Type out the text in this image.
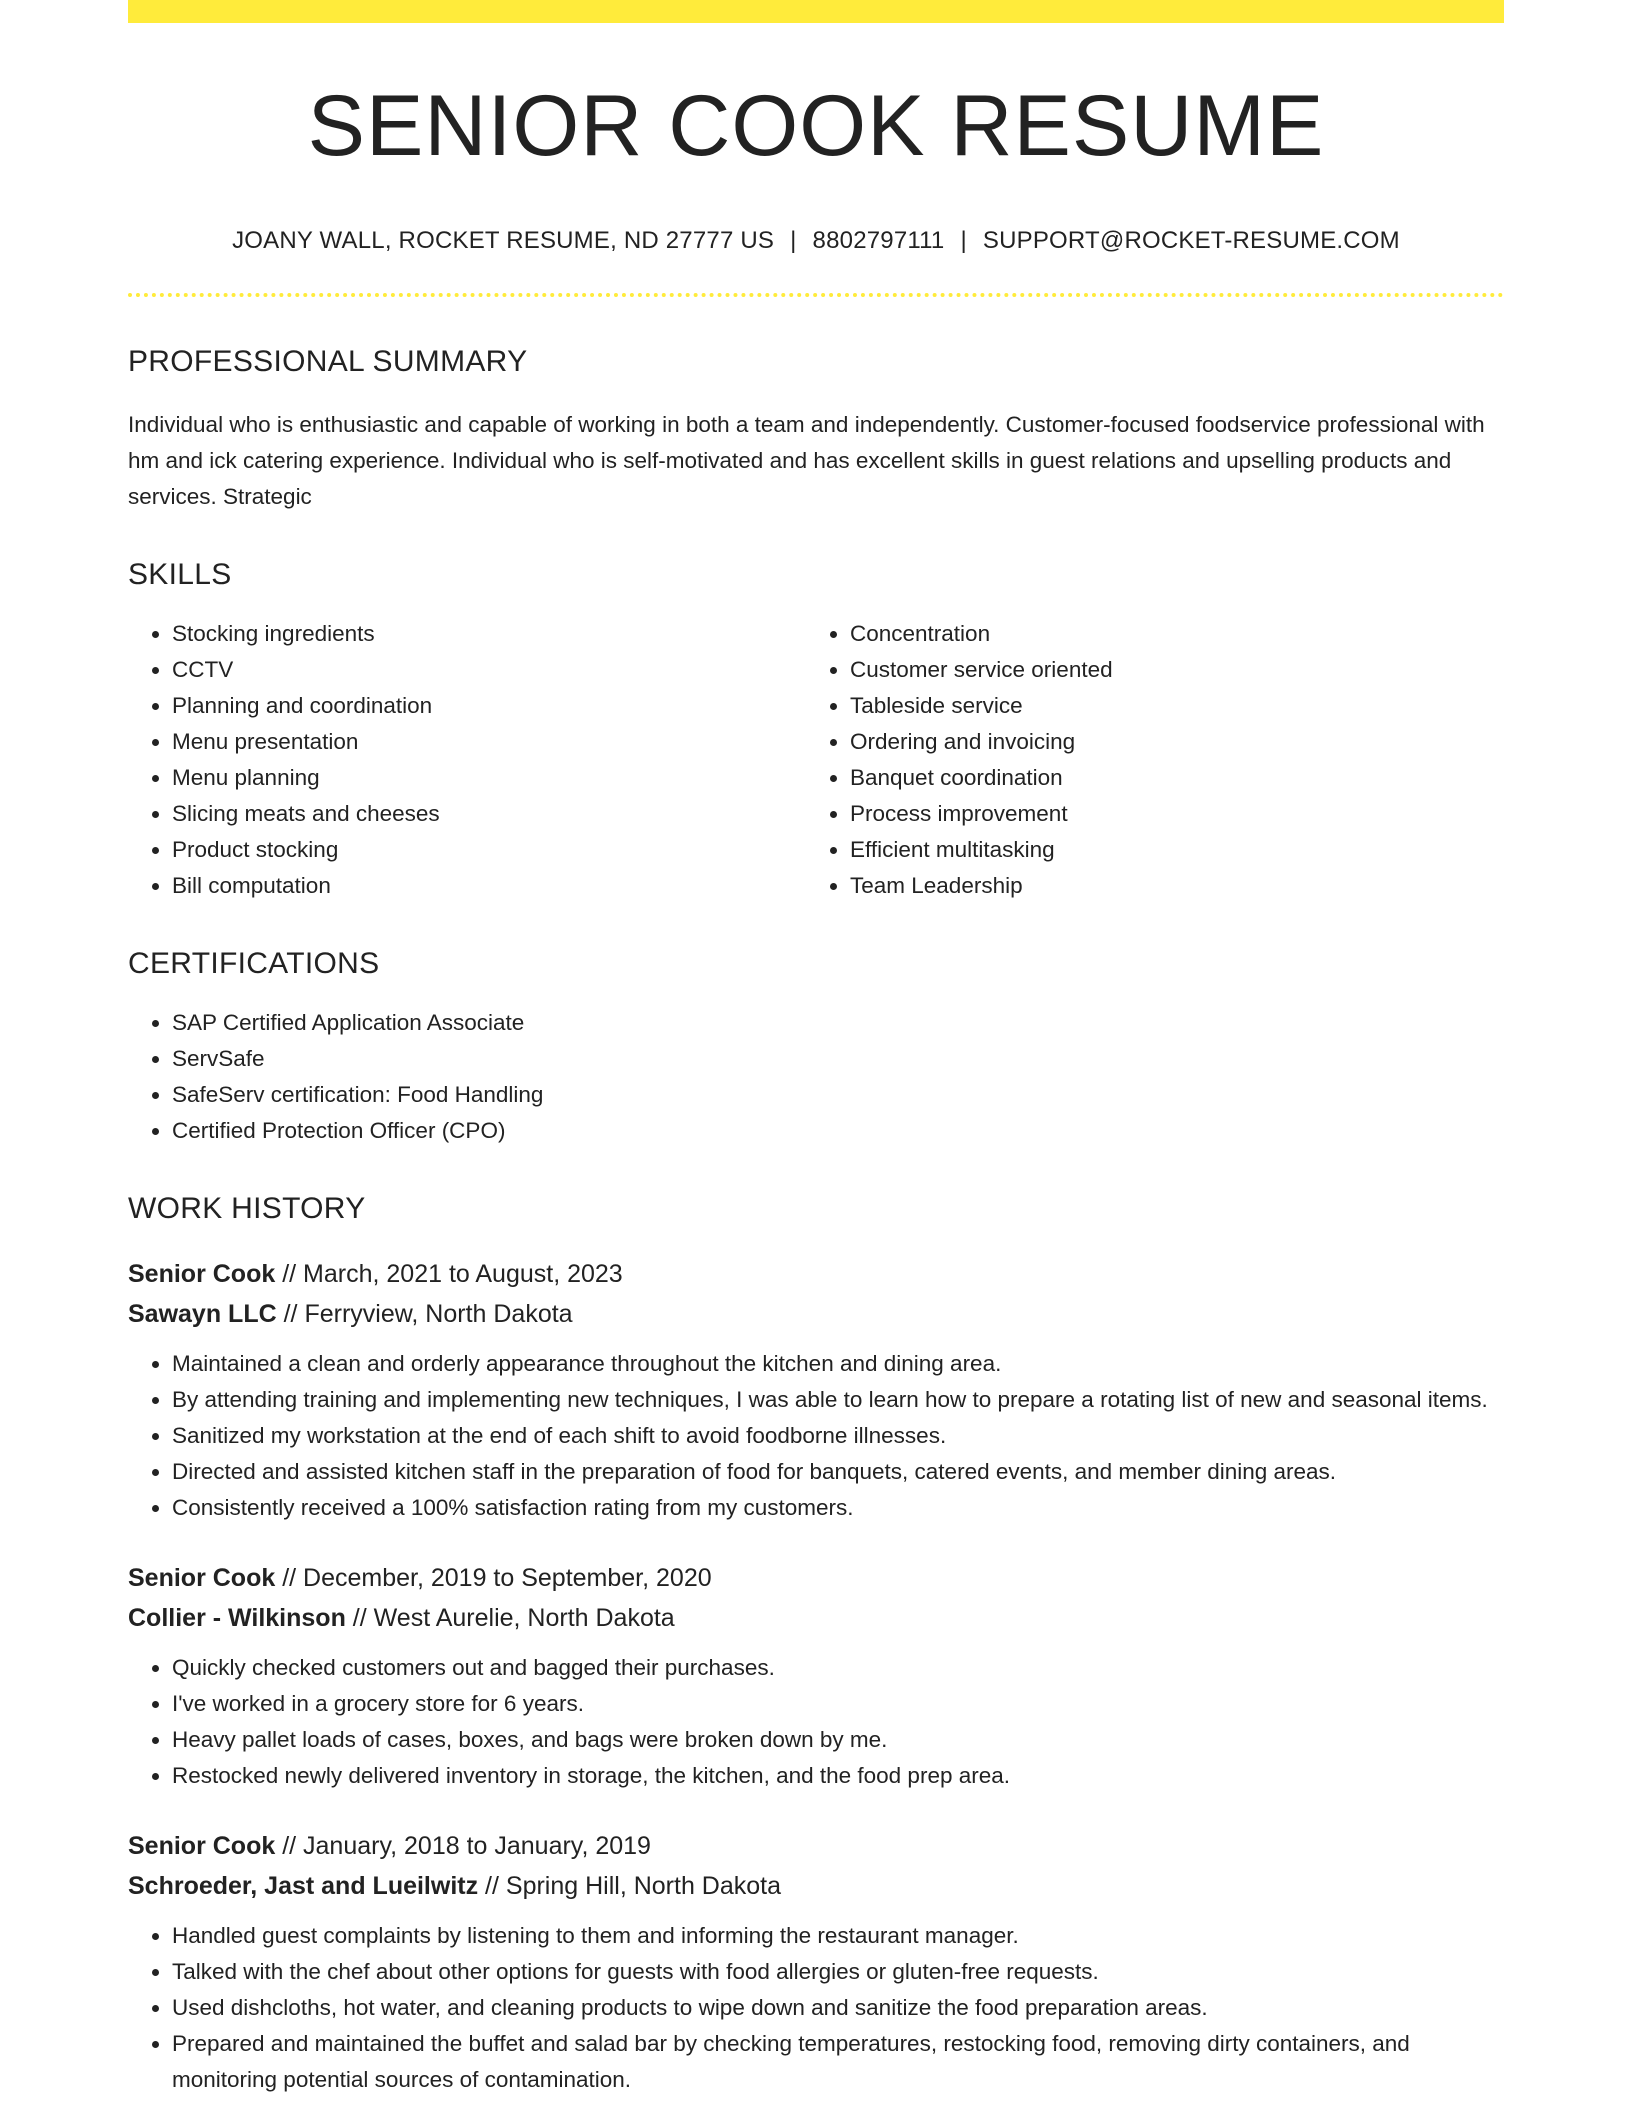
SENIOR COOK RESUME
JOANY WALL, ROCKET RESUME, ND 27777 US | 8802797111 | SUPPORT@ROCKET-RESUME.COM
PROFESSIONAL SUMMARY

Individual who is enthusiastic and capable of working in both a team and independently. Customer-focused foodservice professional with hm and ick catering experience. Individual who is self-motivated and has excellent skills in guest relations and upselling products and services. Strategic

SKILLS
• Stocking ingredients
• CCTV
• Planning and coordination
• Menu presentation
• Menu planning
• Slicing meats and cheeses
• Product stocking
• Bill computation
• Concentration
• Customer service oriented
• Tableside service
• Ordering and invoicing
• Banquet coordination
• Process improvement
• Efficient multitasking
• Team Leadership
CERTIFICATIONS
• SAP Certified Application Associate
• ServSafe
• SafeServ certification: Food Handling
• Certified Protection Officer (CPO)
WORK HISTORY
Senior Cook // March, 2021 to August, 2023
Sawayn LLC // Ferryview, North Dakota
• Maintained a clean and orderly appearance throughout the kitchen and dining area.
• By attending training and implementing new techniques, I was able to learn how to prepare a rotating list of new and seasonal items.
• Sanitized my workstation at the end of each shift to avoid foodborne illnesses.
• Directed and assisted kitchen staff in the preparation of food for banquets, catered events, and member dining areas.
• Consistently received a 100% satisfaction rating from my customers.
Senior Cook // December, 2019 to September, 2020
Collier - Wilkinson // West Aurelie, North Dakota
• Quickly checked customers out and bagged their purchases.
• I've worked in a grocery store for 6 years.
• Heavy pallet loads of cases, boxes, and bags were broken down by me.
• Restocked newly delivered inventory in storage, the kitchen, and the food prep area.
Senior Cook // January, 2018 to January, 2019
Schroeder, Jast and Lueilwitz // Spring Hill, North Dakota
• Handled guest complaints by listening to them and informing the restaurant manager.
• Talked with the chef about other options for guests with food allergies or gluten-free requests.
• Used dishcloths, hot water, and cleaning products to wipe down and sanitize the food preparation areas.
• Prepared and maintained the buffet and salad bar by checking temperatures, restocking food, removing dirty containers, and monitoring potential sources of contamination.
